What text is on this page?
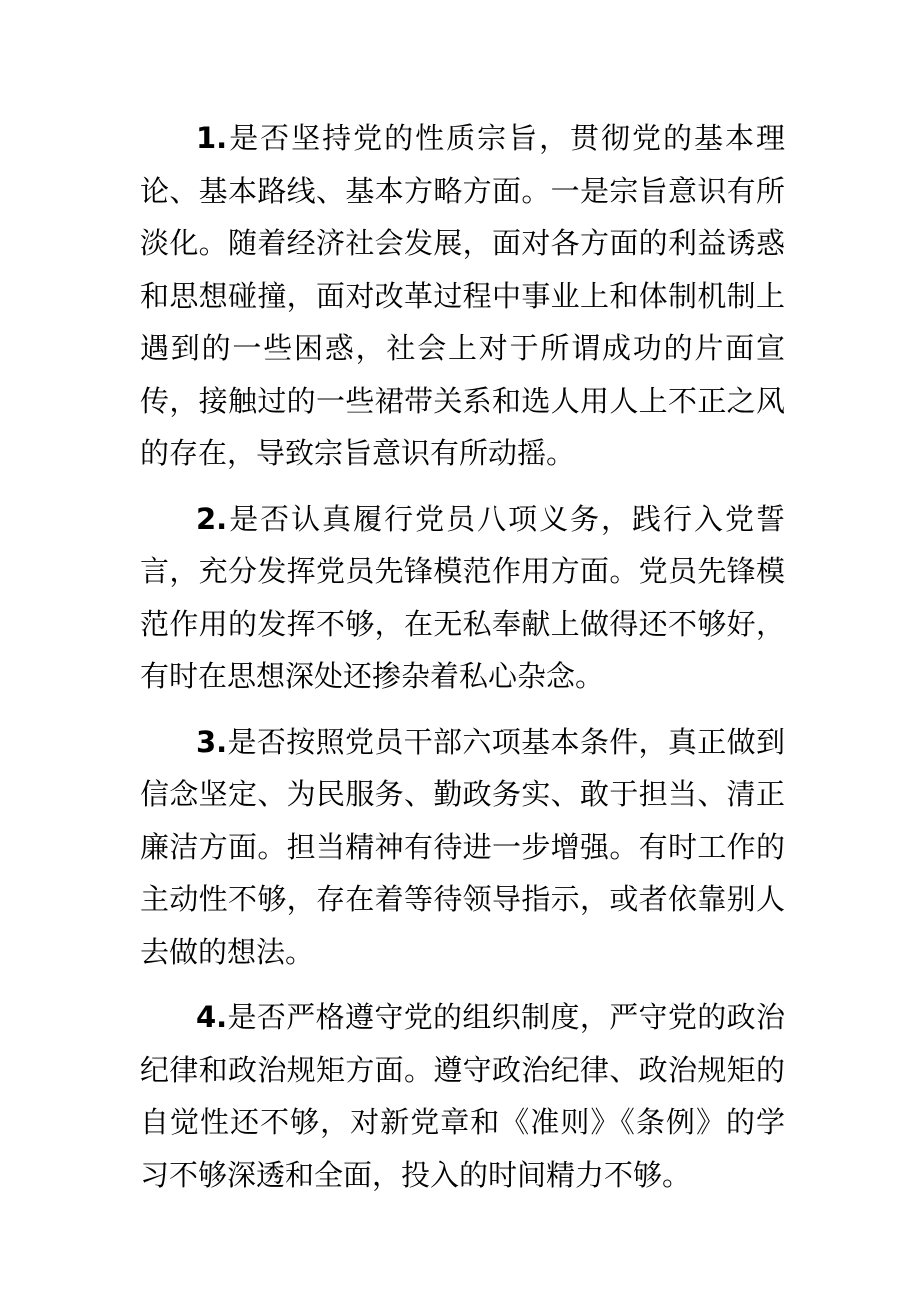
1.是否坚持党的性质宗旨，贯彻党的基本理论、基本路线、基本方略方面。一是宗旨意识有所淡化。随着经济社会发展，面对各方面的利益诱惑和思想碰撞，面对改革过程中事业上和体制机制上遇到的一些困惑，社会上对于所谓成功的片面宣传，接触过的一些裙带关系和选人用人上不正之风的存在，导致宗旨意识有所动摇。

2.是否认真履行党员八项义务，践行入党誓言，充分发挥党员先锋模范作用方面。党员先锋模范作用的发挥不够，在无私奉献上做得还不够好，有时在思想深处还掺杂着私心杂念。

3.是否按照党员干部六项基本条件，真正做到信念坚定、为民服务、勤政务实、敢于担当、清正廉洁方面。担当精神有待进一步增强。有时工作的主动性不够，存在着等待领导指示，或者依靠别人去做的想法。

4.是否严格遵守党的组织制度，严守党的政治纪律和政治规矩方面。遵守政治纪律、政治规矩的自觉性还不够，对新党章和《准则》《条例》的学习不够深透和全面，投入的时间精力不够。
